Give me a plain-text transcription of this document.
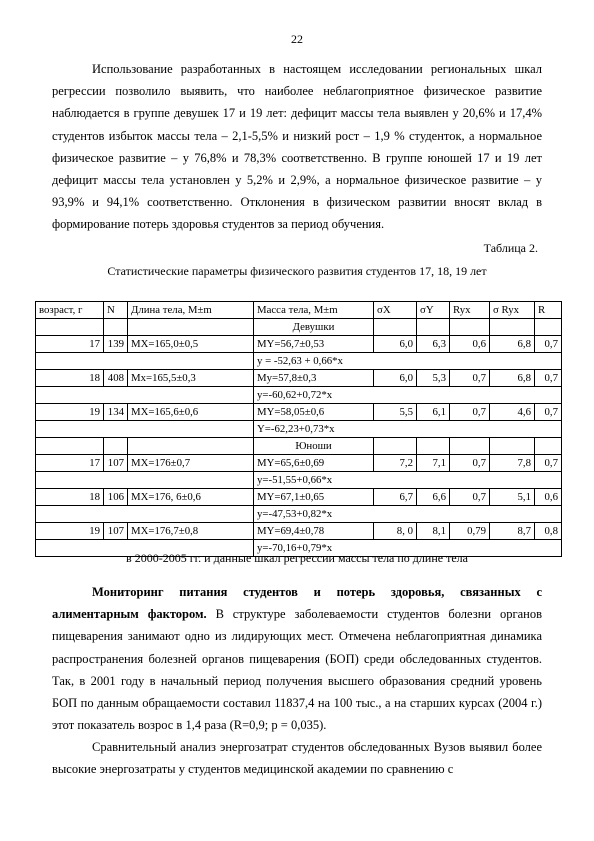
22

Использование разработанных в настоящем исследовании региональных шкал регрессии позволило выявить, что наиболее неблагоприятное физическое развитие наблюдается в группе девушек 17 и 19 лет: дефицит массы тела выявлен у 20,6% и 17,4% студентов избыток массы тела – 2,1-5,5% и низкий рост – 1,9 % студенток, а нормальное физическое развитие – у 76,8% и 78,3% соответственно. В группе юношей 17 и 19 лет дефицит массы тела установлен у 5,2% и 2,9%, а нормальное физическое развитие – у 93,9% и 94,1% соответственно. Отклонения в физическом развитии вносят вклад в формирование потерь здоровья студентов за период обучения.

Таблица 2.
Статистические параметры физического развития студентов 17, 18, 19 лет
возраст, г	N	Длина тела, M±m	Масса тела, M±m	σX	σY	Ryx	σ Ryx	R
			Девушки					
17	139	MX=165,0±0,5	MY=56,7±0,53	6,0	6,3	0,6	6,8	0,7
			y = -52,63 + 0,66*x					
18	408	Mx=165,5±0,3	My=57,8±0,3	6,0	5,3	0,7	6,8	0,7
			y=-60,62+0,72*x					
19	134	MX=165,6±0,6	MY=58,05±0,6	5,5	6,1	0,7	4,6	0,7
			Y=-62,23+0,73*x					
			Юноши					
17	107	MX=176±0,7	MY=65,6±0,69	7,2	7,1	0,7	7,8	0,7
			y=-51,55+0,66*x					
18	106	MX=176, 6±0,6	MY=67,1±0,65	6,7	6,6	0,7	5,1	0,6
			y=-47,53+0,82*x					
19	107	MX=176,7±0,8	MY=69,4±0,78	8, 0	8,1	0,79	8,7	0,8
			y=-70,16+0,79*x					
в 2000-2005 гг. и данные шкал регрессии массы тела по длине тела

Мониторинг питания студентов и потерь здоровья, связанных с алиментарным фактором. В структуре заболеваемости студентов болезни органов пищеварения занимают одно из лидирующих мест. Отмечена неблагоприятная динамика распространения болезней органов пищеварения (БОП) среди обследованных студентов. Так, в 2001 году в начальный период получения высшего образования средний уровень БОП по данным обращаемости составил 11837,4 на 100 тыс., а на старших курсах (2004 г.) этот показатель возрос в 1,4 раза (R=0,9; p = 0,035).

Сравнительный анализ энергозатрат студентов обследованных Вузов выявил более высокие энергозатраты у студентов медицинской академии по сравнению с
